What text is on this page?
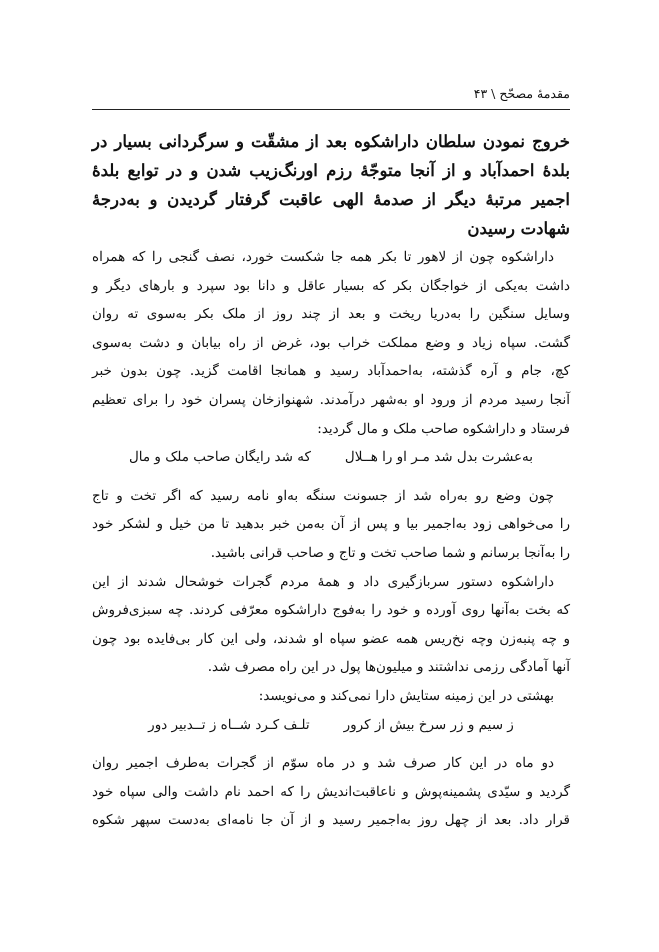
مقدمهٔ مصحّح \ ۴۳

خروج نمودن سلطان داراشکوه بعد از مشقّت و سرگردانی بسیار در

بلدهٔ احمدآباد و از آنجا متوجّهٔ رزم اورنگ‌زیب شدن و در توابع بلدهٔ

اجمیر مرتبهٔ دیگر از صدمهٔ الهی عاقبت گرفتار گردیدن و به‌درجهٔ

شهادت رسیدن

داراشکوه چون از لاهور تا بکر همه جا شکست خورد، نصف گنجی را که همراه
داشت به‌یکی از خواجگان بکر که بسیار عاقل و دانا بود سپرد و بارهای دیگر و
وسایل سنگین را به‌دریا ریخت و بعد از چند روز از ملک بکر به‌سوی ته روان
گشت. سپاه زیاد و وضع مملکت خراب بود، غرض از راه بیابان و دشت به‌سوی
کچ، جام و آره گذشته، به‌احمدآباد رسید و همانجا اقامت گزید. چون بدون خبر
آنجا رسید مردم از ورود او به‌شهر درآمدند. شهنوازخان پسران خود را برای تعظیم
فرستاد و داراشکوه صاحب ملک و مال گردید:
به‌عشرت بدل شد مـر او را هــلال
که شد رایگان صاحب ملک و مال
چون وضع رو به‌راه شد از جسونت سنگه به‌او نامه رسید که اگر تخت و تاج
را می‌خواهی زود به‌اجمیر بیا و پس از آن به‌من خبر بدهید تا من خیل و لشکر خود
را به‌آنجا برسانم و شما صاحب تخت و تاج و صاحب قرانی باشید.
داراشکوه دستور سربازگیری داد و همهٔ مردم گجرات خوشحال شدند از این
که بخت به‌آنها روی آورده و خود را به‌فوج داراشکوه معرّفی کردند. چه سبزی‌فروش
و چه پنبه‌زن وچه نخ‌ریس همه عضو سپاه او شدند، ولی این کار بی‌فایده بود چون
آنها آمادگی رزمی نداشتند و میلیون‌ها پول در این راه مصرف شد.
بهشتی در این زمینه ستایش دارا نمی‌کند و می‌نویسد:
ز سیم و زر سرخ بیش از کرور
تلـف کـرد شــاه ز تــدبیر دور
دو ماه در این کار صرف شد و در ماه سوّم از گجرات به‌طرف اجمیر روان
گردید و سیّدی پشمینه‌پوش و ناعاقبت‌اندیش را که احمد نام داشت والی سپاه خود
قرار داد. بعد از چهل روز به‌اجمیر رسید و از آن جا نامه‌ای به‌دست سپهر شکوه
